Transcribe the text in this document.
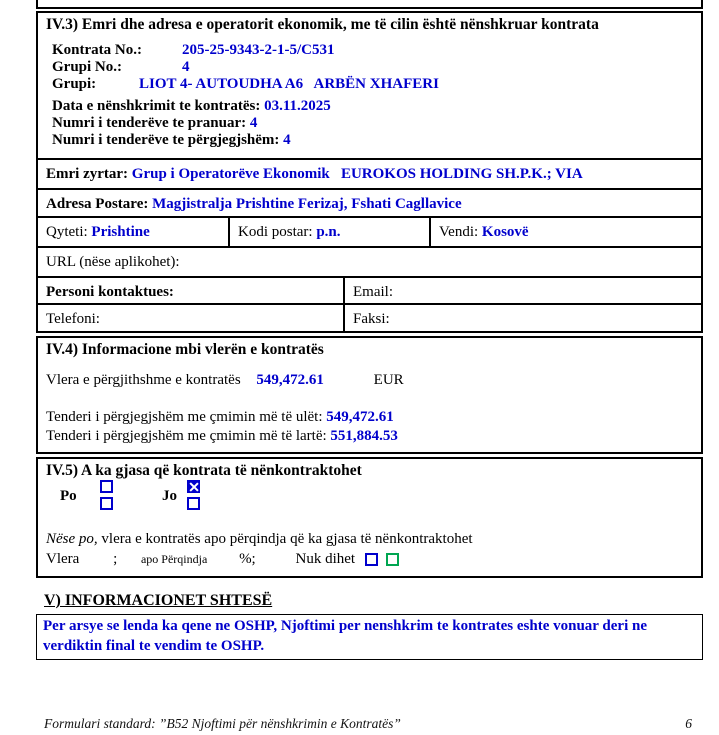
IV.3) Emri dhe adresa e operatorit ekonomik, me të cilin është nënshkruar kontrata
Kontrata No.:	205-25-9343-2-1-5/C531
Grupi No.:	4
Grupi:	LIOT 4- AUTOUDHA A6   ARBËN XHAFERI
Data e nënshkrimit te kontratës: 03.11.2025
Numri i tenderëve te pranuar: 4
Numri i tenderëve te përgjegjshëm: 4
Emri zyrtar: Grup i Operatorëve Ekonomik   EUROKOS HOLDING SH.P.K.; VIA
Adresa Postare: Magjistralja Prishtine Ferizaj, Fshati Cagllavice
Qyteti: Prishtine	Kodi postar: p.n.	Vendi: Kosovë
URL (nëse aplikohet):
Personi kontaktues:	Email:
Telefoni:	Faksi:
IV.4) Informacione mbi vlerën e kontratës
Vlera e përgjithshme e kontratës 549,472.61	EUR
Tenderi i përgjegjshëm me çmimin më të ulët: 549,472.61
Tenderi i përgjegjshëm me çmimin më të lartë: 551,884.53
IV.5) A ka gjasa që kontrata të nënkontraktohet
Po	Jo
Nëse po, vlera e kontratës apo përqindja që ka gjasa të nënkontraktohet
Vlera ; apo Përqindja %;	Nuk dihet
V) INFORMACIONET SHTESË
Per arsye se lenda ka qene ne OSHP, Njoftimi per nenshkrim te kontrates eshte vonuar deri ne verdiktin final te vendim te OSHP.
Formulari standard: ”B52 Njoftimi për nënshkrimin e Kontratës”	6
